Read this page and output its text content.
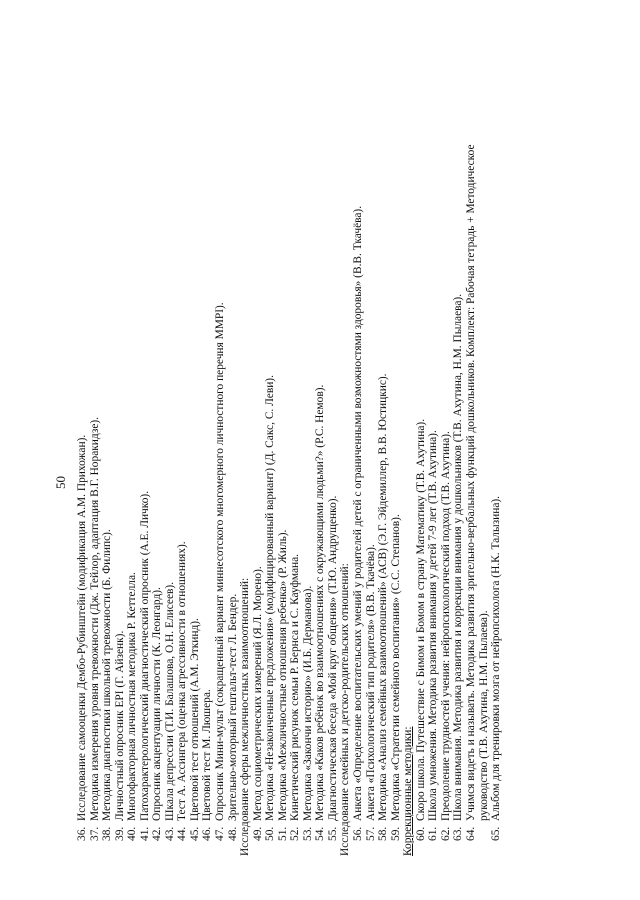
50
36.
Исследование самооценки Дембо-Рубинштейн (модификация А.М. Прихожан).
37.
Методика измерения уровня тревожности (Дж. Тейлор, адаптация В.Г. Норакидзе).
38.
Методика диагностики школьной тревожности (Б. Филипс).
39.
Личностный опросник EPI (Г. Айзенк).
40.
Многофакторная личностная методика Р. Кеттелла.
41.
Патохарактерологический диагностический опросник (А.Е. Личко).
42.
Опросник акцентуации личности (К. Леонгард).
43.
Шкала депрессии (Т.И. Балашова, О.Н. Елисеев).
44.
Тест А. Ассингера (оценка агрессивности в отношениях).
45.
Цветовой тест отношений (А.М. Эткинд).
46.
Цветовой тест М. Люшера.
47.
Опросник Мини-мульт (сокращенный вариант миннесотского многомерного личностного перечня MMPI).
48.
Зрительно-моторный гештальт-тест Л. Бендер. Исследование сферы межличностных взаимоотношений: 49.
Метод социометрических измерений (Я.Л. Морено).
50.
Методика «Незаконченные предложения» (модифицированный вариант) (Д. Сакс, С. Леви).
51.
Методика «Межличностные отношения ребенка» (Р. Жиль).
52.
Кинетический рисунок семьи Р. Бернса и С. Кауфмана.
53.
Методика «Закончи историю» (И.Б. Дерманова).
54.
Методика «Каков ребёнок во взаимоотношениях с окружающими людьми?» (Р.С. Немов).
55.
Диагностическая беседа «Мой круг общения» (Т.Ю. Андрущенко). Исследование семейных и детско-родительских отношений: 56.
Анкета «Определение воспитательских умений у родителей детей с ограниченными возможностями здоровья» (В.В. Ткачёва).
57.
Анкета «Психологический тип родителя» (В.В. Ткачёва).
58.
Методика «Анализ семейных взаимоотношений» (АСВ) (Э.Г. Эйдемиллер, В.В. Юстицкис).
59.
Методика «Стратегии семейного воспитания» (С.С. Степанов). Коррекционные методики: 60.
Скоро школа. Путешествие с Бимом и Бомом в страну Математику (Т.В. Ахутина).
61.
Школа умножения. Методика развития внимания у детей 7-9 лет (Т.В. Ахутина).
62.
Преодоление трудностей учения: нейропсихологический подход (Т.В. Ахутина).
63.
Школа внимания. Методика развития и коррекции внимания у дошкольников (Т.В. Ахутина, Н.М. Пылаева).
64.
Учимся видеть и называть. Методика развития зрительно-вербальных функций дошкольников. Комплект: Рабочая тетрадь + Методическое руководство (Т.В. Ахутина, Н.М. Пылаева).
65.
Альбом для тренировки мозга от нейропсихолога (Н.К. Талызина).
